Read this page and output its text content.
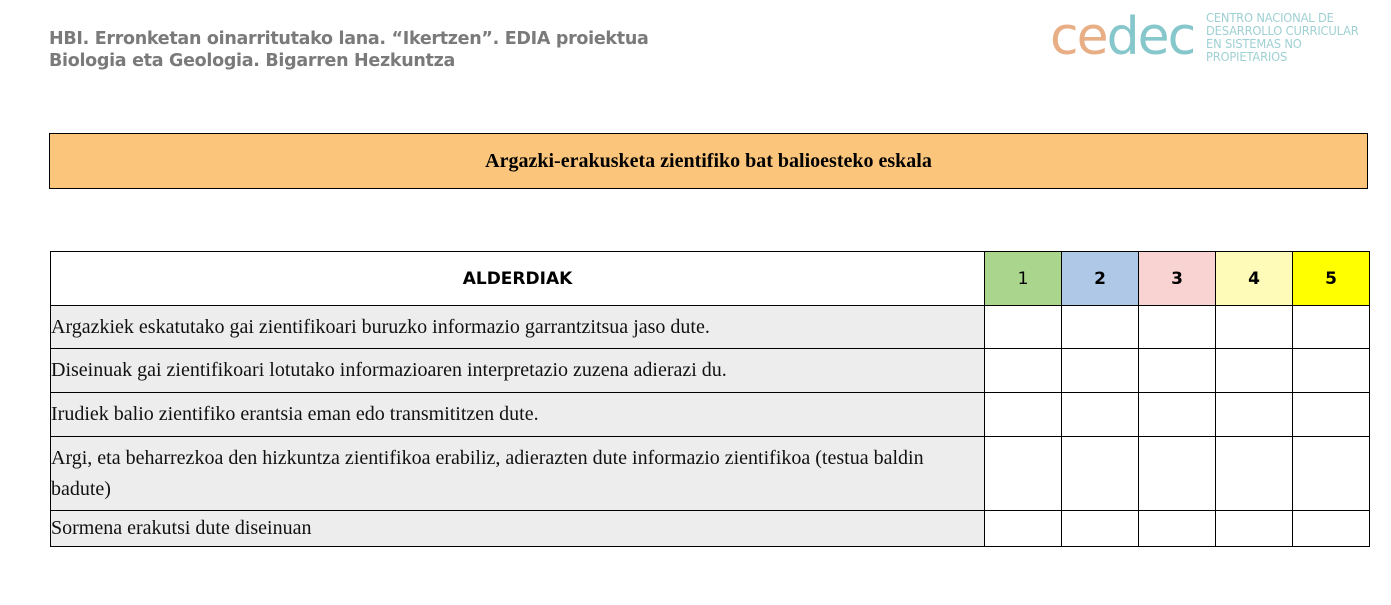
HBI. Erronketan oinarritutako lana. “Ikertzen”. EDIA proiektua
Biologia eta Geologia. Bigarren Hezkuntza	cedec CENTRO NACIONAL DE
DESARROLLO CURRICULAR
EN SISTEMAS NO PROPIETARIOS
Argazki-erakusketa zientifiko bat balioesteko eskala
ALDERDIAK	1	2	3	4	5
Argazkiek eskatutako gai zientifikoari buruzko informazio garrantzitsua jaso dute.					
Diseinuak gai zientifikoari lotutako informazioaren interpretazio zuzena adierazi du.					
Irudiek balio zientifiko erantsia eman edo transmititzen dute.					
Argi, eta beharrezkoa den hizkuntza zientifikoa erabiliz, adierazten dute informazio zientifikoa (testua baldin badute)					
Sormena erakutsi dute diseinuan					
